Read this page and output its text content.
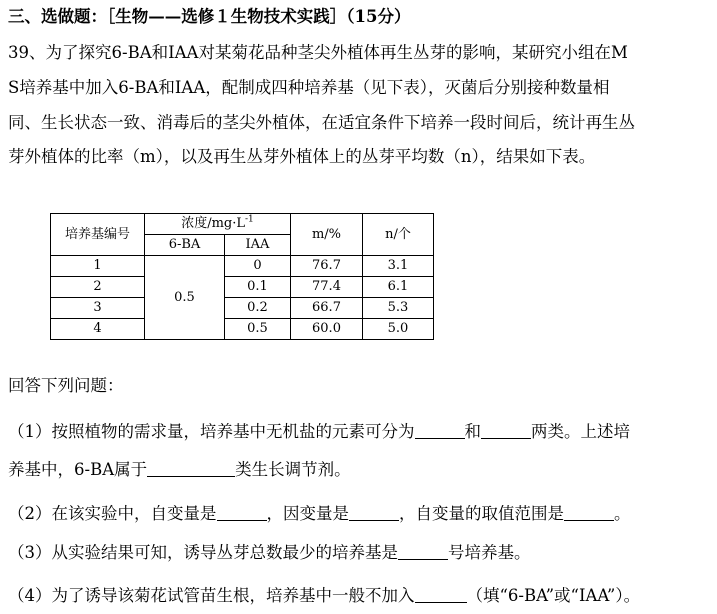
三、选做题：［生物——选修１生物技术实践］（15分）
39、为了探究6-BA和IAA对某菊花品种茎尖外植体再生丛芽的影响，某研究小组在M
S培养基中加入6-BA和IAA，配制成四种培养基（见下表），灭菌后分别接种数量相
同、生长状态一致、消毒后的茎尖外植体，在适宜条件下培养一段时间后，统计再生丛
芽外植体的比率（m），以及再生丛芽外植体上的丛芽平均数（n），结果如下表。
培养基编号	浓度$/mg\cdot L^{-1}$		m/%	n/个
	6-BA	IAA		
1	0.5	0	76.7	3.1
2		0.1	77.4	6.1
3		0.2	66.7	5.3
4		0.5	60.0	5.0
回答下列问题：
（1）按照植物的需求量，培养基中无机盐的元素可分为	和	两类。上述培
养基中，6-BA属于	类生长调节剂。
（2）在该实验中，自变量是	，因变量是	，自变量的取值范围是	。
（3）从实验结果可知，诱导丛芽总数最少的培养基是	号培养基。
（4）为了诱导该菊花试管苗生根，培养基中一般不加入	（填“6-BA”或“IAA”）。
